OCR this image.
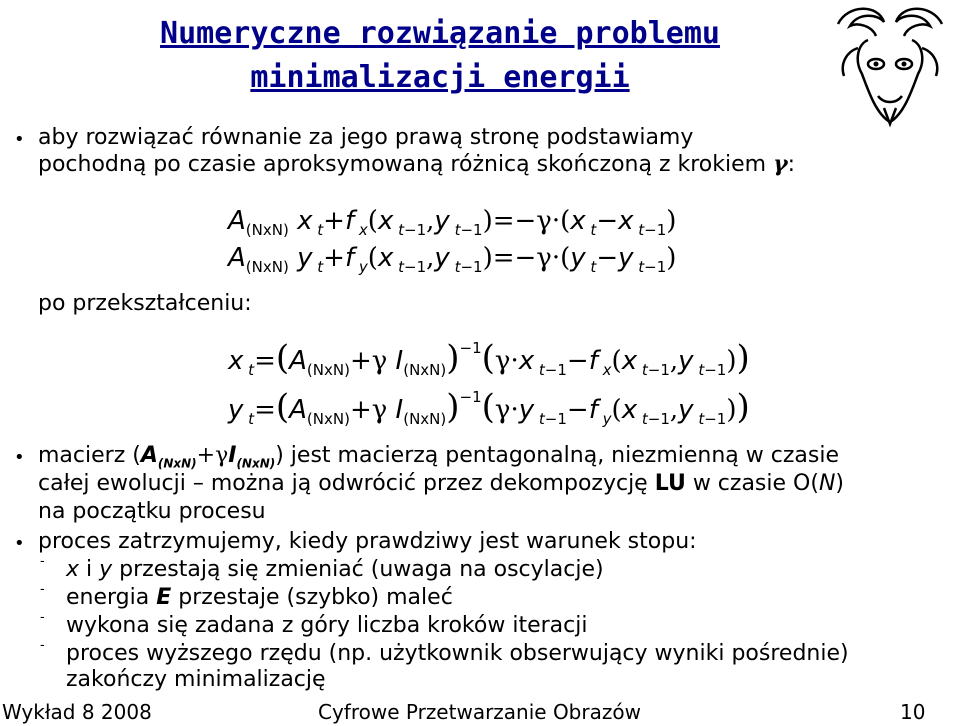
Numeryczne rozwiązanie problemu
minimalizacji energii
• aby rozwiązać równanie za jego prawą stronę podstawiamy
pochodną po czasie aproksymowaną różnicą skończoną z krokiem γ:
$A_{(NxN)}$ x $_t$+f $_x$(x $_{t-1}$,y $_{t-1}$)=−γ·(x $_t$−x $_{t-1}$)
$A_{(NxN)}$ y $_t$+f $_y$(x $_{t-1}$,y $_{t-1}$)=−γ·(y $_t$−y $_{t-1}$)
po przekształceniu:
x $_t=(A_{(NxN)}+\gamma$ $I_{(NxN)})^{-1}(\gamma\cdot x$ $_{t-1}$−f $_x$(x $_{t-1}$,y $_{t-1}$))
y $_t=(A_{(NxN)}+\gamma$ $I_{(NxN)})^{-1}(\gamma\cdot y$ $_{t-1}$−f $_y$(x $_{t-1}$,y $_{t-1}$))
• macierz $(A_{(NxN)}+\gamma I_{(NxN)})$ jest macierzą pentagonalną, niezmienną w czasie
całej ewolucji – można ją odwrócić przez dekompozycję LU w czasie O(N)
na początku procesu
• proces zatrzymujemy, kiedy prawdziwy jest warunek stopu:
- x i y przestają się zmieniać (uwaga na oscylacje)
- energia E przestaje (szybko) maleć
- wykona się zadana z góry liczba kroków iteracji
- proces wyższego rzędu (np. użytkownik obserwujący wyniki pośrednie)
zakończy minimalizację
Wykład 8 2008	Cyfrowe Przetwarzanie Obrazów	10
